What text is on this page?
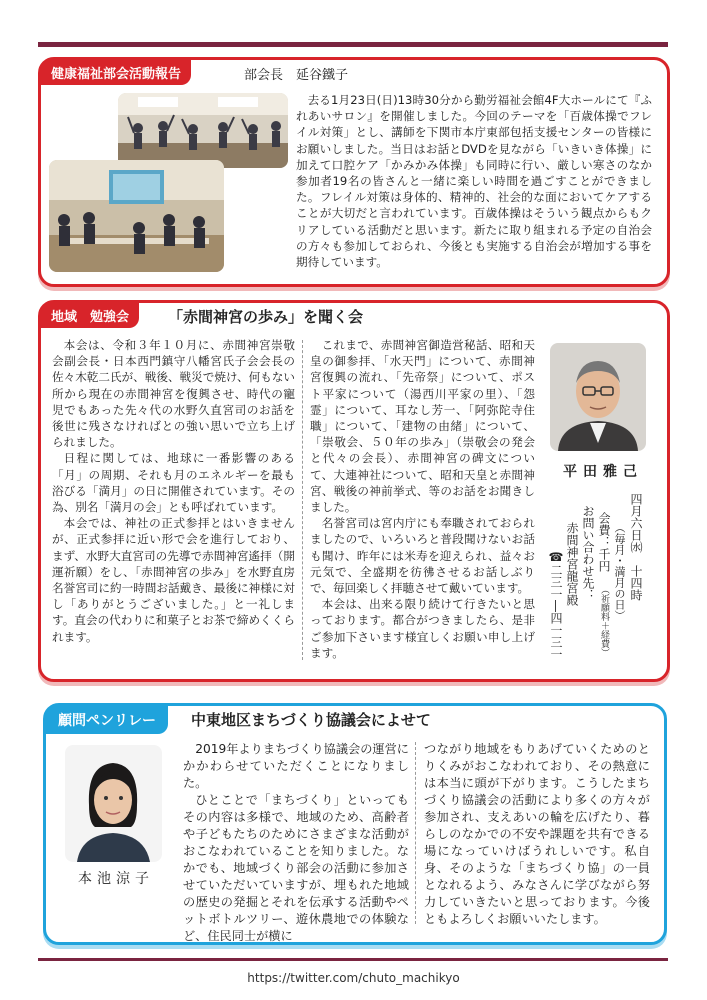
健康福祉部会活動報告	部会長　延谷鐵子

去る1月23日(日)13時30分から勤労福祉会館4F大ホールにて『ふれあいサロン』を開催しました。今回のテーマを「百歳体操でフレイル対策」とし、講師を下関市本庁東部包括支援センターの皆様にお願いしました。当日はお話とDVDを見ながら「いきいき体操」に加えて口腔ケア「かみかみ体操」も同時に行い、厳しい寒さのなか参加者19名の皆さんと一緒に楽しい時間を過ごすことができました。フレイル対策は身体的、精神的、社会的な面においてケアすることが大切だと言われています。百歳体操はそういう観点からもクリアしている活動だと思います。新たに取り組まれる予定の自治会の方々も参加しておられ、今後とも実施する自治会が増加する事を期待しています。

地域　勉強会	「赤間神宮の歩み」を聞く会

本会は、令和３年１０月に、赤間神宮崇敬会副会長・日本西門鎮守八幡宮氏子会会長の佐々木乾二氏が、戦後、戦災で焼け、何もない所から現在の赤間神宮を復興させ、時代の寵児でもあった先々代の水野久直宮司のお話を後世に残さなければとの強い思いで立ち上げられました。

日程に関しては、地球に一番影響のある「月」の周期、それも月のエネルギーを最も浴びる「満月」の日に開催されています。その為、別名「満月の会」とも呼ばれています。

本会では、神社の正式参拝とはいきませんが、正式参拝に近い形で会を進行しており、まず、水野大直宮司の先導で赤間神宮遙拝（開運祈願）をし、「赤間神宮の歩み」を水野直房名誉宮司に約一時間お話戴き、最後に神様に対し「ありがとうございました。」と一礼します。直会の代わりに和菓子とお茶で締めくくられます。

これまで、赤間神宮御造営秘話、昭和天皇の御参拝、「水天門」について、赤間神宮復興の流れ、「先帝祭」について、ポスト平家について（湯西川平家の里）、「怨霊」について、耳なし芳一、「阿弥陀寺住職」について、「建物の由緒」について、「崇敬会、５０年の歩み」（崇敬会の発会と代々の会長）、赤間神宮の碑文について、大連神社について、昭和天皇と赤間神宮、戦後の神前挙式、等のお話をお聞きしました。

名誉宮司は宮内庁にも奉職されておられましたので、いろいろと普段聞けないお話も聞け、昨年には米寿を迎えられ、益々お元気で、全盛期を彷彿させるお話しぶりで、毎回楽しく拝聴させて戴いています。

本会は、出来る限り続けて行きたいと思っております。都合がつきましたら、是非ご参加下さいます様宜しくお願い申し上げます。

平田雅己
四月六日㈬　十四時
（毎月・満月の日）
会費：千円
（祈願料＋経費）
お問い合わせ先：
赤間神宮龍宮殿
☎二三一―四一三一
顧問ペンリレー	中東地区まちづくり協議会によせて
本池涼子

2019年よりまちづくり協議会の運営にかかわらせていただくことになりました。

ひとことで「まちづくり」といってもその内容は多様で、地域のため、高齢者や子どもたちのためにさまざまな活動がおこなわれていることを知りました。なかでも、地域づくり部会の活動に参加させていただいていますが、埋もれた地域の歴史の発掘とそれを伝承する活動やペットボトルツリー、遊休農地での体験など、住民同士が横に

つながり地域をもりあげていくためのとりくみがおこなわれており、その熱意には本当に頭が下がります。こうしたまちづくり協議会の活動により多くの方々が参加され、支えあいの輪を広げたり、暮らしのなかでの不安や課題を共有できる場になっていけばうれしいです。私自身、そのような「まちづくり協」の一員となれるよう、みなさんに学びながら努力していきたいと思っております。今後ともよろしくお願いいたします。

https://twitter.com/chuto_machikyo
